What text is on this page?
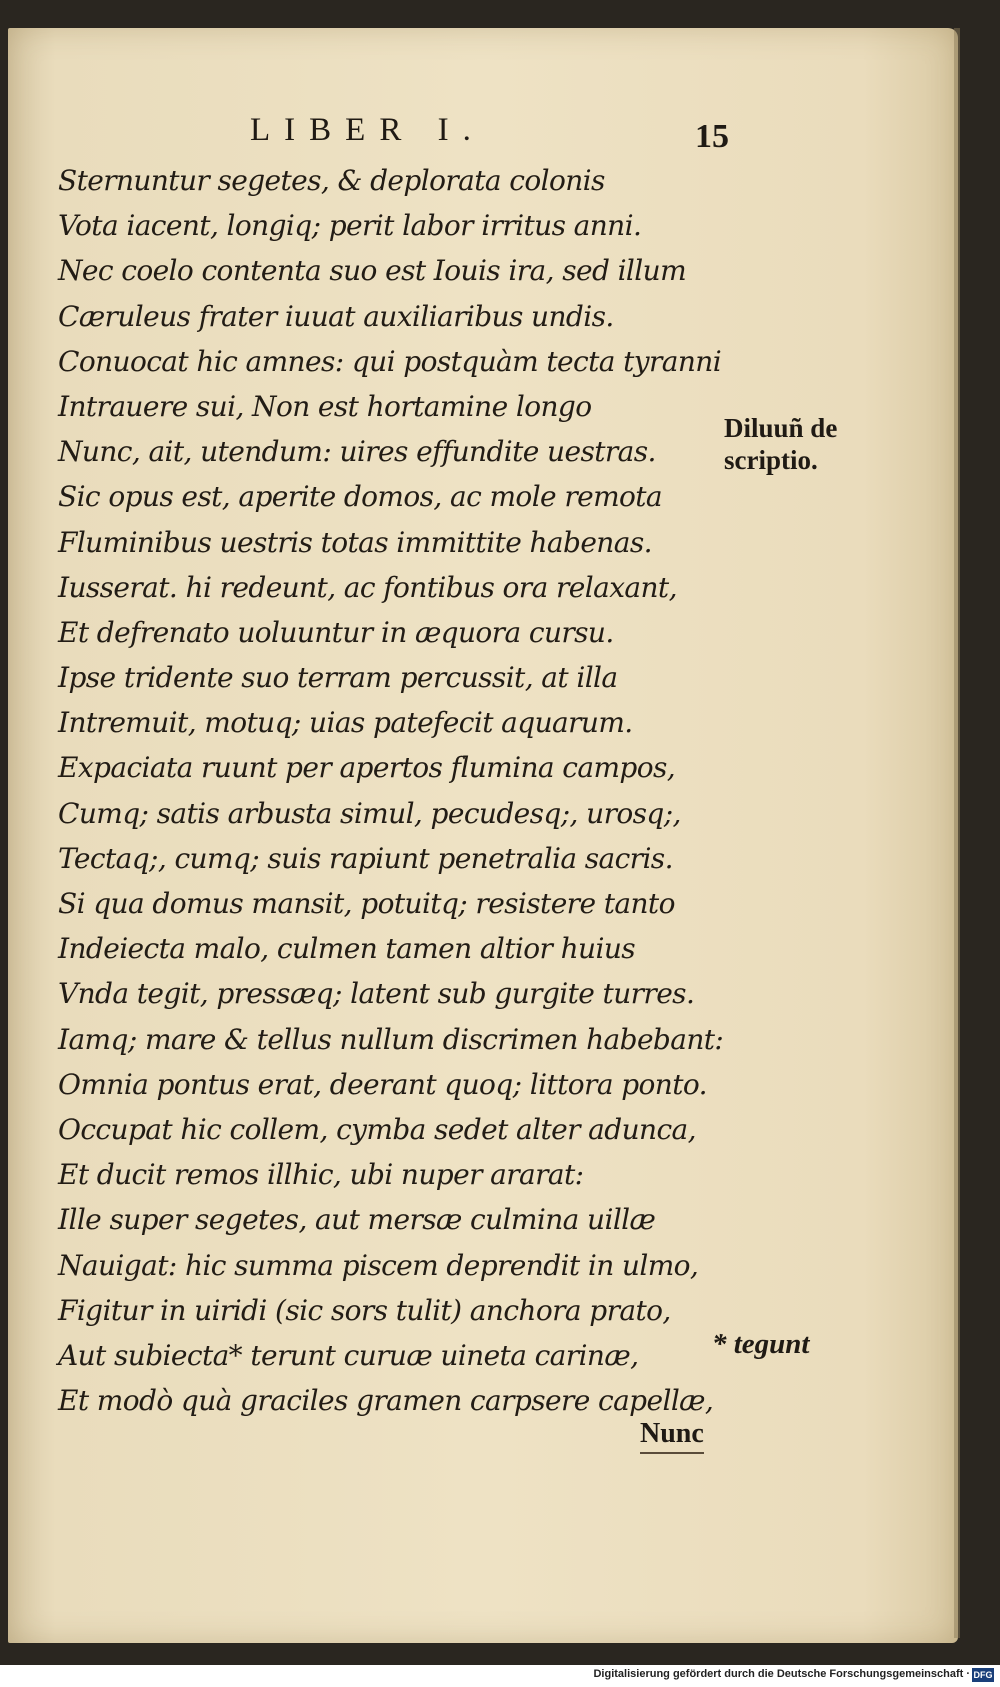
LIBER I.	15
Sternuntur segetes, & deplorata colonis
Vota iacent, longiq; perit labor irritus anni.
Nec coelo contenta suo est Iouis ira, sed illum
Cæruleus frater iuuat auxiliaribus undis.
Conuocat hic amnes: qui postquàm tecta tyranni
Intrauere sui, Non est hortamine longo
Nunc, ait, utendum: uires effundite uestras.
Sic opus est, aperite domos, ac mole remota
Fluminibus uestris totas immittite habenas.
Iusserat. hi redeunt, ac fontibus ora relaxant,
Et defrenato uoluuntur in æquora cursu.
Ipse tridente suo terram percussit, at illa
Intremuit, motuq; uias patefecit aquarum.
Expaciata ruunt per apertos flumina campos,
Cumq; satis arbusta simul, pecudesq;, urosq;,
Tectaq;, cumq; suis rapiunt penetralia sacris.
Si qua domus mansit, potuitq; resistere tanto
Indeiecta malo, culmen tamen altior huius
Vnda tegit, pressæq; latent sub gurgite turres.
Iamq; mare & tellus nullum discrimen habebant:
Omnia pontus erat, deerant quoq; littora ponto.
Occupat hic collem, cymba sedet alter adunca,
Et ducit remos illhic, ubi nuper ararat:
Ille super segetes, aut mersæ culmina uillæ
Nauigat: hic summa piscem deprendit in ulmo,
Figitur in uiridi (sic sors tulit) anchora prato,
Aut subiecta* terunt curuæ uineta carinæ,
Et modò quà graciles gramen carpsere capellæ,
Diluuñ de
scriptio.
* tegunt
Nunc
Digitalisierung gefördert durch die Deutsche Forschungsgemeinschaft · DFG
